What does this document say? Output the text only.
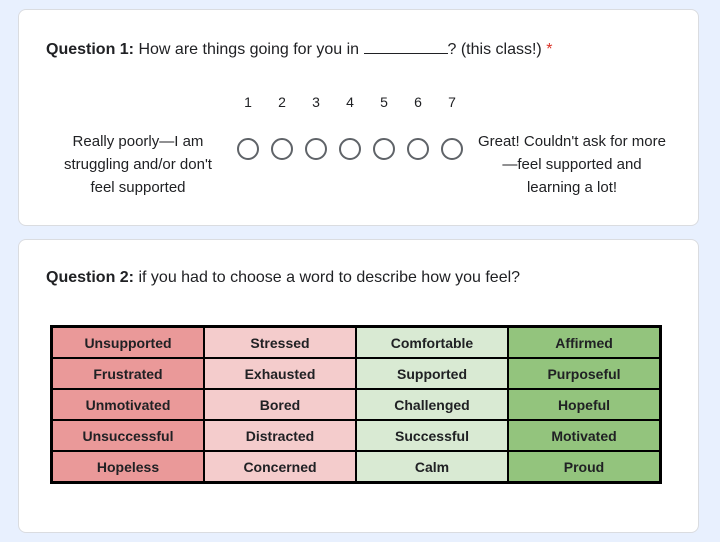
Question 1: How are things going for you in	? (this class!) *
1	2	3	4	5	6	7
Really poorly—I am struggling and/or don't feel supported
Great! Couldn't ask for more—feel supported and learning a lot!
Question 2: if you had to choose a word to describe how you feel?
Unsupported	Stressed	Comfortable	Affirmed
Frustrated	Exhausted	Supported	Purposeful
Unmotivated	Bored	Challenged	Hopeful
Unsuccessful	Distracted	Successful	Motivated
Hopeless	Concerned	Calm	Proud
